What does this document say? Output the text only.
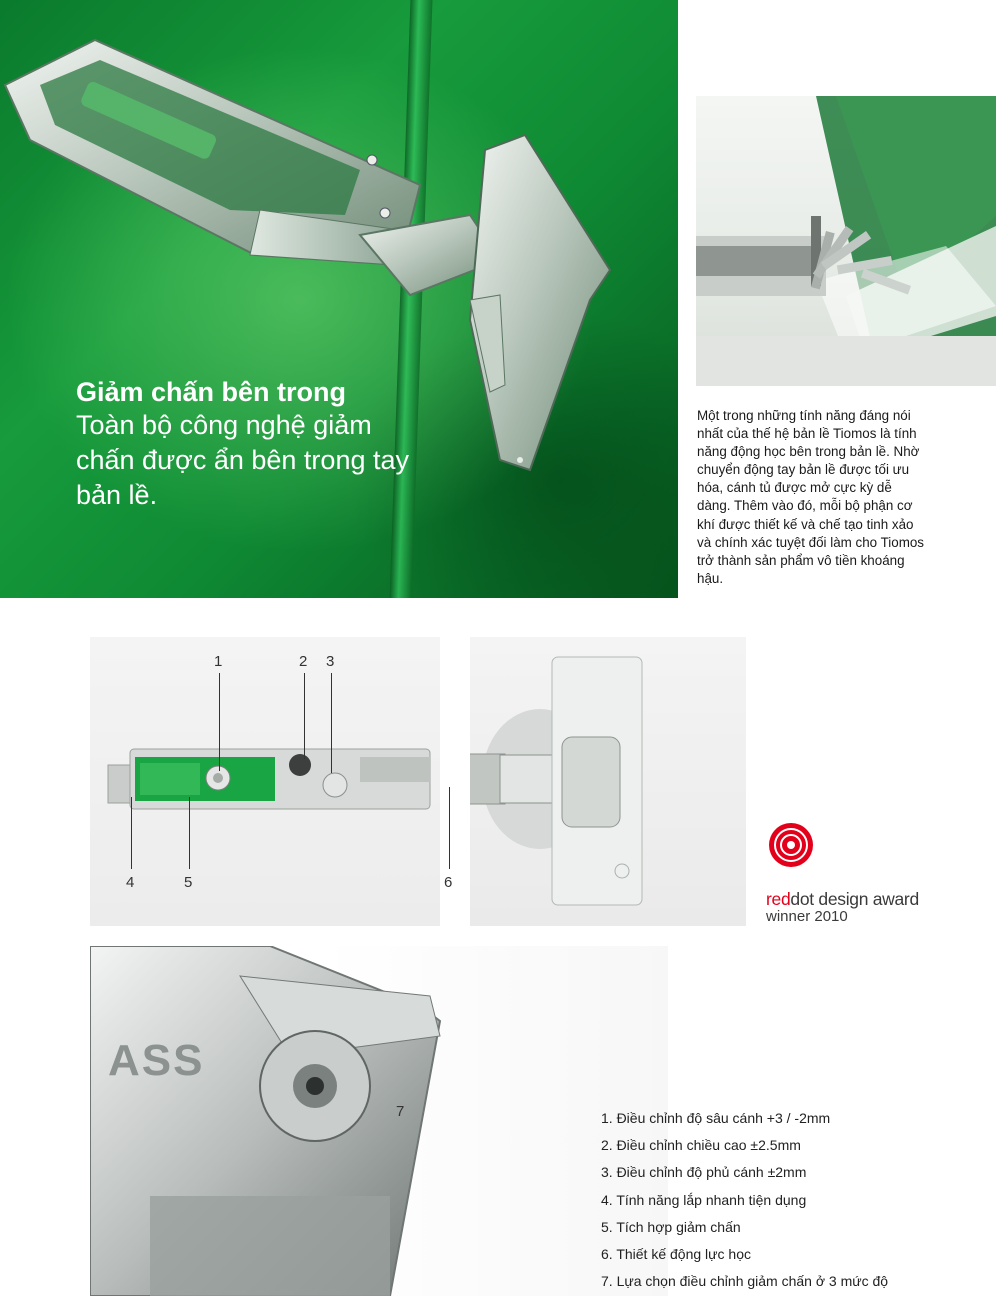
Giảm chấn bên trong
Toàn bộ công nghệ giảm chấn được ẩn bên trong tay bản lề.
Một trong những tính năng đáng nói nhất của thế hệ bản lề Tiomos là tính năng động học bên trong bản lề. Nhờ chuyển động tay bản lề được tối ưu hóa, cánh tủ được mở cực kỳ dễ dàng. Thêm vào đó, mỗi bộ phận cơ khí được thiết kế và chế tạo tinh xảo và chính xác tuyệt đối làm cho Tiomos trở thành sản phẩm vô tiền khoáng hậu.
1	2 3
4	5	6
reddot design award
winner 2010
7
ASS
1. Điều chỉnh độ sâu cánh +3 / -2mm
2. Điều chỉnh chiều cao ±2.5mm
3. Điều chỉnh độ phủ cánh ±2mm
4. Tính năng lắp nhanh tiện dụng
5. Tích hợp giảm chấn
6. Thiết kế động lực học
7. Lựa chọn điều chỉnh giảm chấn ở 3 mức độ
